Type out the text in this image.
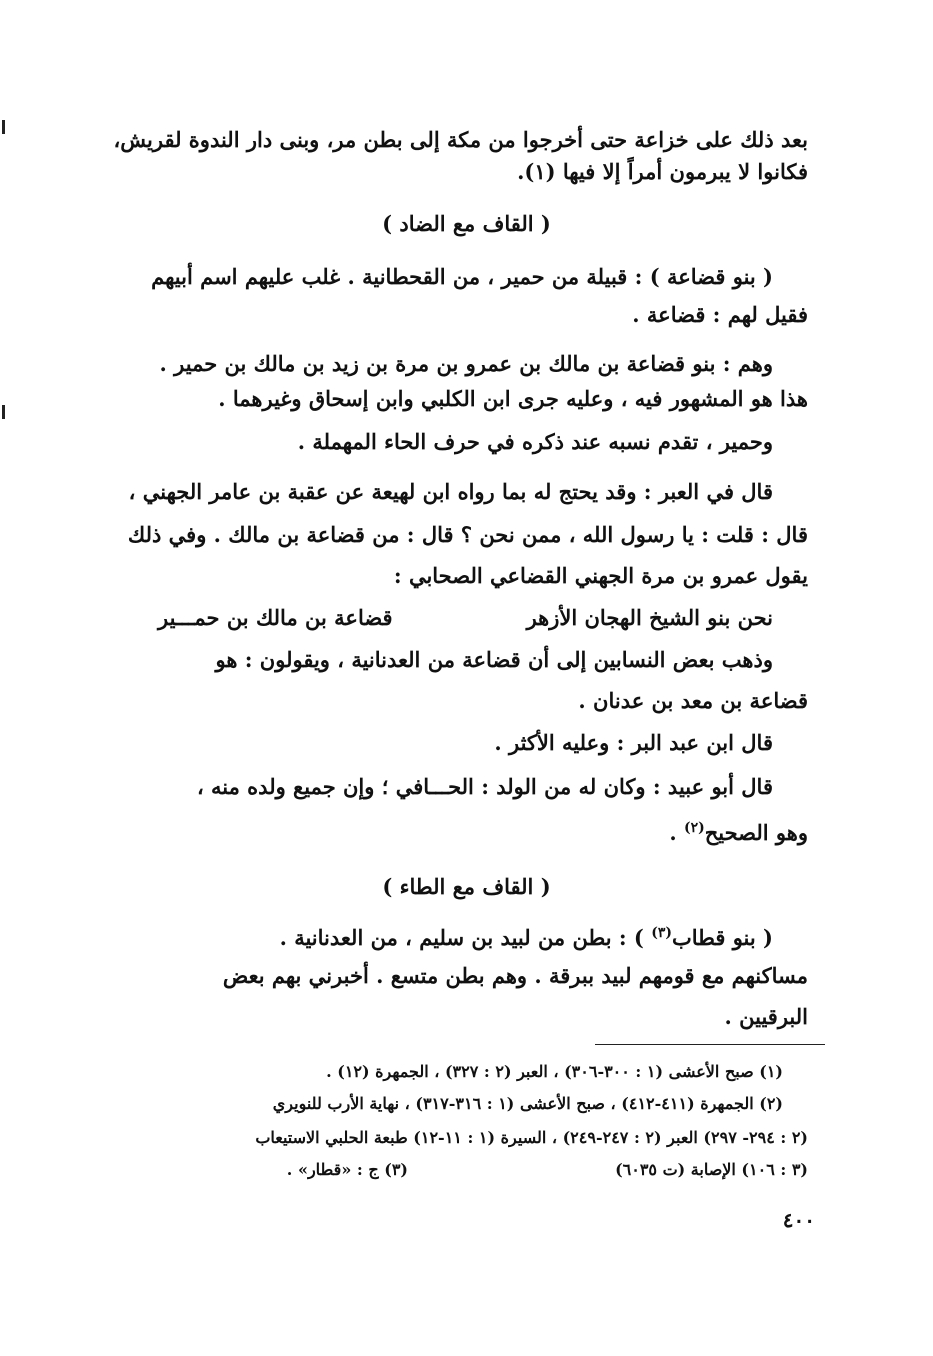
بعد ذلك على خزاعة حتى أخرجوا من مكة إلى بطن مر، وبنى دار الندوة لقريش،
فكانوا لا يبرمون أمراً إلا فيها (١).
( القاف مع الضاد )
( بنو قضاعة ) : قبيلة من حمير ، من القحطانية . غلب عليهم اسم أبيهم
فقيل لهم : قضاعة .
وهم : بنو قضاعة بن مالك بن عمرو بن مرة بن زيد بن مالك بن حمير .
هذا هو المشهور فيه ، وعليه جرى ابن الكلبي وابن إسحاق وغيرهما .
وحمير ، تقدم نسبه عند ذكره في حرف الحاء المهملة .
قال في العبر : وقد يحتج له بما رواه ابن لهيعة عن عقبة بن عامر الجهني ،
قال : قلت : يا رسول الله ، ممن نحن ؟ قال : من قضاعة بن مالك . وفي ذلك
يقول عمرو بن مرة الجهني القضاعي الصحابي :
نحن بنو الشيخ الهجان الأزهر
قضاعة بن مالك بن حمـــير
وذهب بعض النسابين إلى أن قضاعة من العدنانية ، ويقولون : هو
قضاعة بن معد بن عدنان .
قال ابن عبد البر : وعليه الأكثر .
قال أبو عبيد : وكان له من الولد : الحـــافي ؛ وإن جميع ولده منه ،
وهو الصحيح$^{(٢)}$ .
( القاف مع الطاء )
( بنو قطاب$^{(٣)}$ ) : بطن من لبيد بن سليم ، من العدنانية .
مساكنهم مع قومهم لبيد ببرقة . وهم بطن متسع . أخبرني بهم بعض
البرقيين .
(١) صبح الأعشى (١ : ٣٠٠-٣٠٦) ، العبر (٢ : ٣٢٧) ، الجمهرة (١٢) .
(٢) الجمهرة (٤١١-٤١٢) ، صبح الأعشى (١ : ٣١٦-٣١٧) ، نهاية الأرب للنويري
(٢ : ٢٩٤- ٢٩٧) العبر (٢ : ٢٤٧-٢٤٩) ، السيرة (١ : ١١-١٢) طبعة الحلبي الاستيعاب
(٣ : ١٠٦) الإصابة (ت ٦٠٣٥)
(٣) ج : «قطار» .
٤٠٠
